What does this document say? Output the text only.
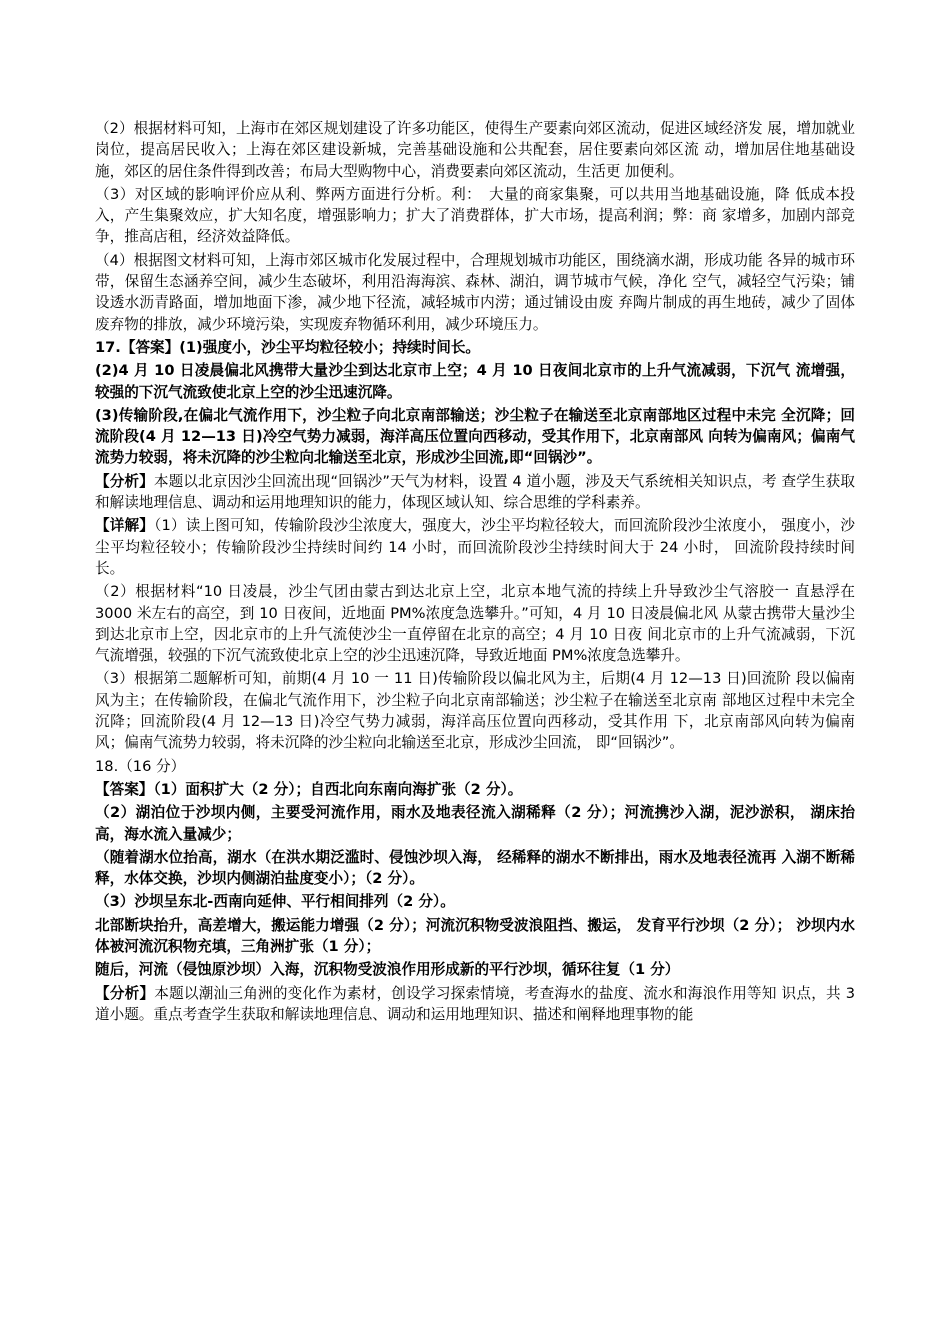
（2）根据材料可知，上海市在郊区规划建设了许多功能区，使得生产要素向郊区流动，促进区域经济发 展，增加就业岗位，提高居民收入；上海在郊区建设新城，完善基础设施和公共配套，居住要素向郊区流 动，增加居住地基础设施，郊区的居住条件得到改善；布局大型购物中心，消费要素向郊区流动，生活更 加便利。

（3）对区域的影响评价应从利、弊两方面进行分析。利：　大量的商家集聚，可以共用当地基础设施，降 低成本投入，产生集聚效应，扩大知名度，增强影响力；扩大了消费群体，扩大市场，提高利润；弊：商 家增多，加剧内部竞争，推高店租，经济效益降低。

（4）根据图文材料可知，上海市郊区城市化发展过程中，合理规划城市功能区，围绕滴水湖，形成功能 各异的城市环带，保留生态涵养空间，减少生态破坏，利用沿海海滨、森林、湖泊，调节城市气候，净化 空气，减轻空气污染；铺设透水沥青路面，增加地面下渗，减少地下径流，减轻城市内涝；通过铺设由废 弃陶片制成的再生地砖，减少了固体废弃物的排放，减少环境污染，实现废弃物循环利用，减少环境压力。

17.【答案】(1)强度小，沙尘平均粒径较小；持续时间长。

(2)4 月 10 日凌晨偏北风携带大量沙尘到达北京市上空；4 月 10 日夜间北京市的上升气流减弱，下沉气 流增强，较强的下沉气流致使北京上空的沙尘迅速沉降。

(3)传输阶段,在偏北气流作用下，沙尘粒子向北京南部输送；沙尘粒子在输送至北京南部地区过程中未完 全沉降；回流阶段(4 月 12—13 日)冷空气势力减弱，海洋高压位置向西移动，受其作用下，北京南部风 向转为偏南风；偏南气流势力较弱，将未沉降的沙尘粒向北输送至北京，形成沙尘回流,即“回锅沙”。

【分析】本题以北京因沙尘回流出现“回锅沙”天气为材料，设置 4 道小题，涉及天气系统相关知识点，考 查学生获取和解读地理信息、调动和运用地理知识的能力，体现区域认知、综合思维的学科素养。

【详解】（1）读上图可知，传输阶段沙尘浓度大，强度大，沙尘平均粒径较大，而回流阶段沙尘浓度小， 强度小，沙尘平均粒径较小；传输阶段沙尘持续时间约 14 小时，而回流阶段沙尘持续时间大于 24 小时， 回流阶段持续时间长。

（2）根据材料“10 日凌晨，沙尘气团由蒙古到达北京上空，北京本地气流的持续上升导致沙尘气溶胶一 直悬浮在 3000 米左右的高空，到 10 日夜间，近地面 PM%浓度急选攀升。”可知，4 月 10 日凌晨偏北风 从蒙古携带大量沙尘到达北京市上空，因北京市的上升气流使沙尘一直停留在北京的高空；4 月 10 日夜 间北京市的上升气流减弱，下沉气流增强，较强的下沉气流致使北京上空的沙尘迅速沉降，导致近地面 PM%浓度急选攀升。

（3）根据第二题解析可知，前期(4 月 10 一 11 日)传输阶段以偏北风为主，后期(4 月 12—13 日)回流阶 段以偏南风为主；在传输阶段，在偏北气流作用下，沙尘粒子向北京南部输送；沙尘粒子在输送至北京南 部地区过程中未完全沉降；回流阶段(4 月 12—13 日)冷空气势力减弱，海洋高压位置向西移动，受其作用 下，北京南部风向转为偏南风；偏南气流势力较弱，将未沉降的沙尘粒向北输送至北京，形成沙尘回流， 即“回锅沙”。

18.（16 分）

【答案】（1）面积扩大（2 分）；自西北向东南向海扩张（2 分）。

（2）湖泊位于沙坝内侧，主要受河流作用，雨水及地表径流入湖稀释（2 分）；河流携沙入湖，泥沙淤积， 湖床抬高，海水流入量减少；

（随着湖水位抬高，湖水（在洪水期泛滥时、侵蚀沙坝入海， 经稀释的湖水不断排出，雨水及地表径流再 入湖不断稀释，水体交换，沙坝内侧湖泊盐度变小）；（2 分）。

（3）沙坝呈东北-西南向延伸、平行相间排列（2 分）。

北部断块抬升，高差增大，搬运能力增强（2 分）；河流沉积物受波浪阻挡、搬运， 发育平行沙坝（2 分）； 沙坝内水体被河流沉积物充填，三角洲扩张（1 分）；

随后，河流（侵蚀原沙坝）入海，沉积物受波浪作用形成新的平行沙坝，循环往复（1 分）

【分析】本题以潮汕三角洲的变化作为素材，创设学习探索情境，考查海水的盐度、流水和海浪作用等知 识点，共 3 道小题。重点考查学生获取和解读地理信息、调动和运用地理知识、描述和阐释地理事物的能
